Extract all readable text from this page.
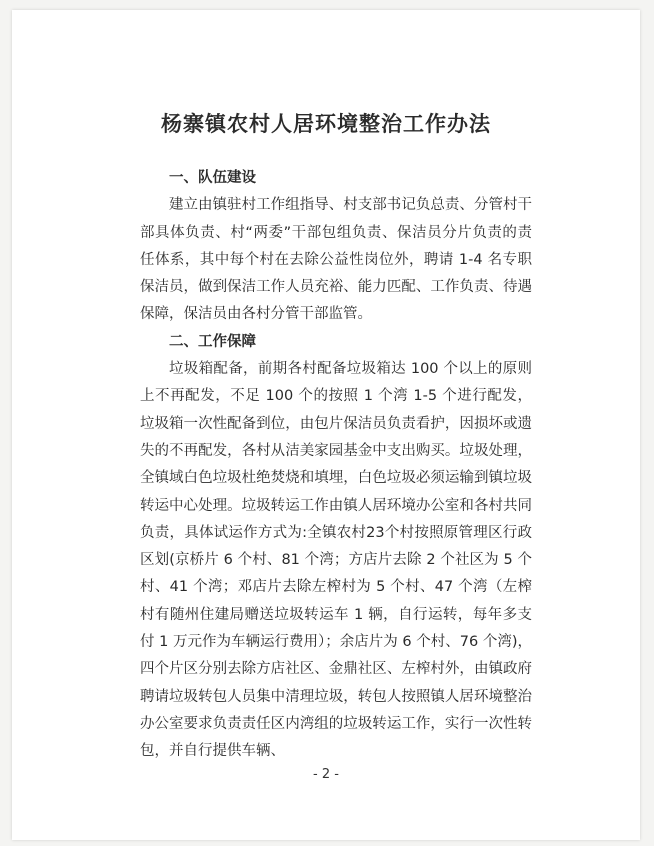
杨寨镇农村人居环境整治工作办法

一、队伍建设

建立由镇驻村工作组指导、村支部书记负总责、分管村干部具体负责、村“两委”干部包组负责、保洁员分片负责的责任体系，其中每个村在去除公益性岗位外，聘请 1-4 名专职保洁员，做到保洁工作人员充裕、能力匹配、工作负责、待遇保障，保洁员由各村分管干部监管。

二、工作保障

垃圾箱配备，前期各村配备垃圾箱达 100 个以上的原则上不再配发，不足 100 个的按照 1 个湾 1-5 个进行配发，垃圾箱一次性配备到位，由包片保洁员负责看护，因损坏或遗失的不再配发，各村从洁美家园基金中支出购买。垃圾处理，全镇域白色垃圾杜绝焚烧和填埋，白色垃圾必须运输到镇垃圾转运中心处理。垃圾转运工作由镇人居环境办公室和各村共同负责，具体试运作方式为:全镇农村23个村按照原管理区行政区划(京桥片 6 个村、81 个湾；方店片去除 2 个社区为 5 个村、41 个湾；邓店片去除左榨村为 5 个村、47 个湾（左榨村有随州住建局赠送垃圾转运车 1 辆，自行运转，每年多支付 1 万元作为车辆运行费用）；余店片为 6 个村、76 个湾)，四个片区分别去除方店社区、金鼎社区、左榨村外，由镇政府聘请垃圾转包人员集中清理垃圾，转包人按照镇人居环境整治办公室要求负责责任区内湾组的垃圾转运工作，实行一次性转包，并自行提供车辆、

- 2 -
